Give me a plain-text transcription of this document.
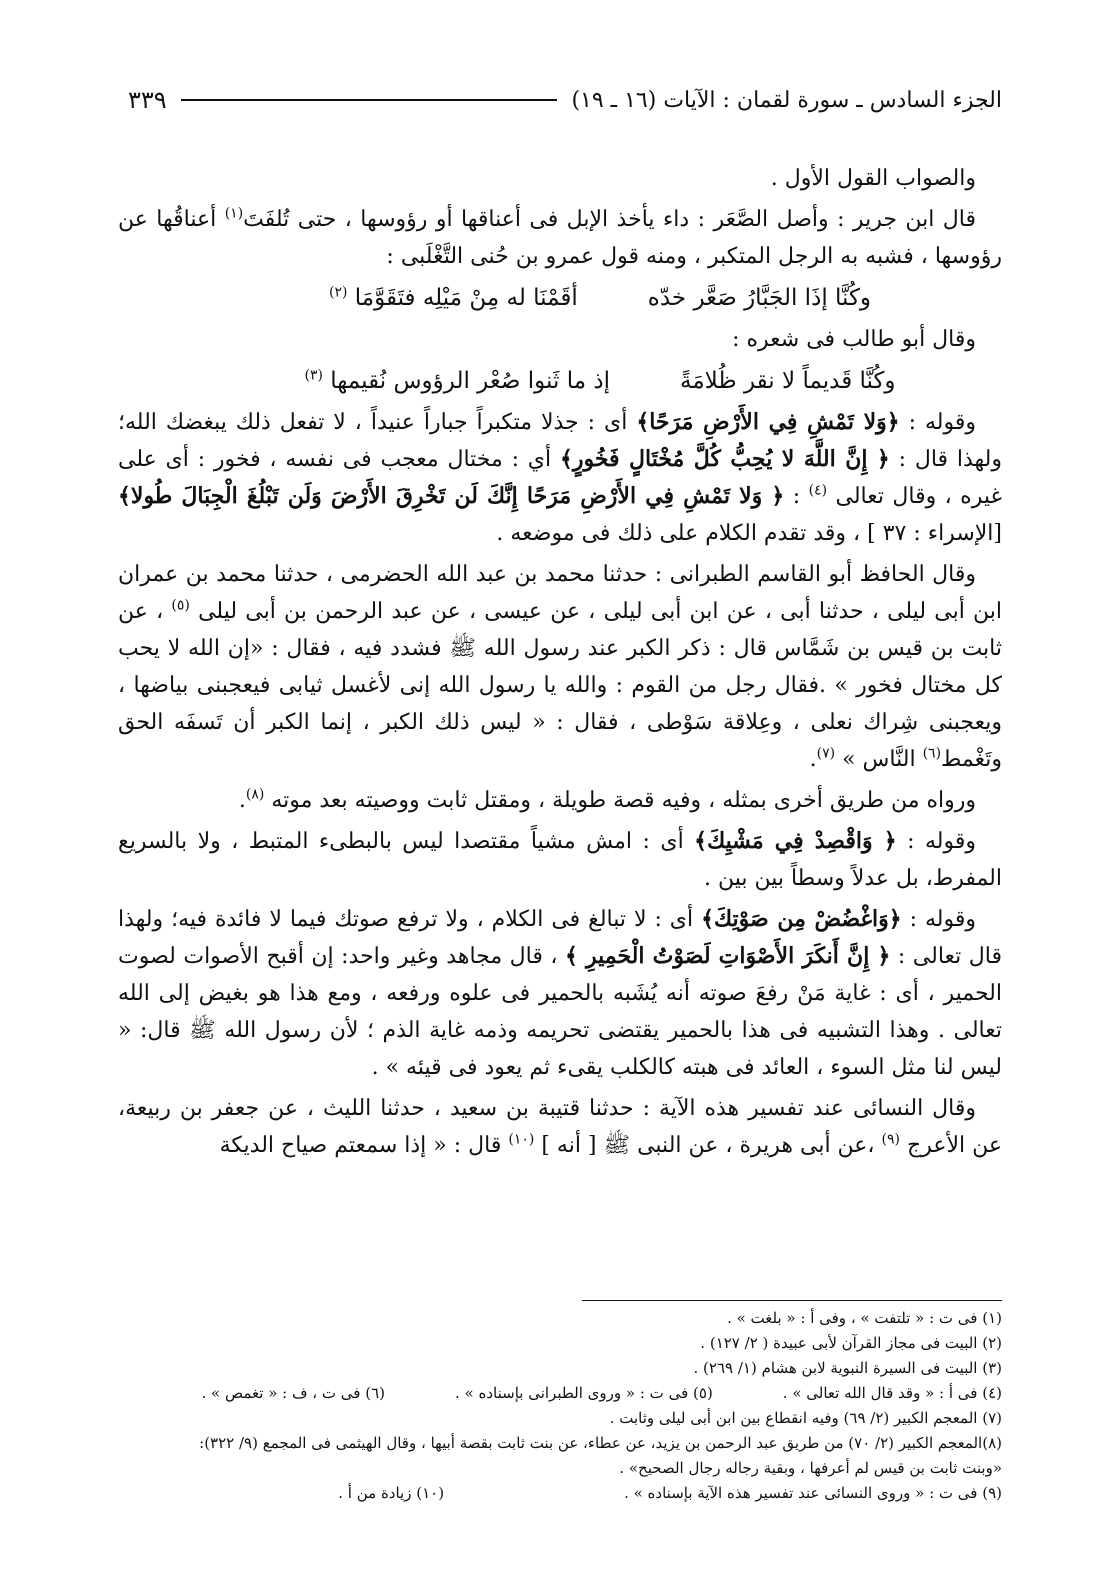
الجزء السادس ـ سورة لقمان : الآيات (١٦ ـ ١٩)
٣٣٩

والصواب القول الأول .

قال ابن جرير : وأصل الصَّعَر : داء يأخذ الإبل فى أعناقها أو رؤوسها ، حتى تُلفَتَ$^{(١)}$ أعناقُها عن رؤوسها ، فشبه به الرجل المتكبر ، ومنه قول عمرو بن حُنى التَّغْلَبى :

وكُنَّا إذَا الجَبَّارُ صَعَّر خدّه
أقَمْنَا له مِنْ مَيْلِه فتَقَوَّمَا $^{(٢)}$

وقال أبو طالب فى شعره :

وكُنَّا قَديماً لا نقر ظُلامَةً
إذ ما ثَنوا صُعْر الرؤوس نُقيمها $^{(٣)}$

وقوله : ﴿وَلا تَمْشِ فِي الأَرْضِ مَرَحًا﴾ أى : جذلا متكبراً جباراً عنيداً ، لا تفعل ذلك يبغضك الله؛ ولهذا قال : ﴿ إِنَّ اللَّهَ لا يُحِبُّ كُلَّ مُخْتَالٍ فَخُورٍ﴾ أي : مختال معجب فى نفسه ، فخور : أى على غيره ، وقال تعالى $^{(٤)}$ : ﴿ وَلا تَمْشِ فِي الأَرْضِ مَرَحًا إِنَّكَ لَن تَخْرِقَ الأَرْضَ وَلَن تَبْلُغَ الْجِبَالَ طُولا﴾ [الإسراء : ٣٧ ] ، وقد تقدم الكلام على ذلك فى موضعه .

وقال الحافظ أبو القاسم الطبرانى : حدثنا محمد بن عبد الله الحضرمى ، حدثنا محمد بن عمران ابن أبى ليلى ، حدثنا أبى ، عن ابن أبى ليلى ، عن عيسى ، عن عبد الرحمن بن أبى ليلى $^{(٥)}$ ، عن ثابت بن قيس بن شَمَّاس قال : ذكر الكبر عند رسول الله ﷺ فشدد فيه ، فقال : «إن الله لا يحب كل مختال فخور » .فقال رجل من القوم : والله يا رسول الله إنى لأغسل ثيابى فيعجبنى بياضها ، ويعجبنى شِراك نعلى ، وعِلاقة سَوْطى ، فقال : « ليس ذلك الكبر ، إنما الكبر أن تَسفَه الحق وتَغْمط$^{(٦)}$ النَّاس » $^{(٧)}$.

ورواه من طريق أخرى بمثله ، وفيه قصة طويلة ، ومقتل ثابت ووصيته بعد موته $^{(٨)}$.

وقوله : ﴿ وَاقْصِدْ فِي مَشْيِكَ﴾ أى : امش مشياً مقتصدا ليس بالبطىء المتبط ، ولا بالسريع المفرط، بل عدلاً وسطاً بين بين .

وقوله : ﴿وَاغْضُضْ مِن صَوْتِكَ﴾ أى : لا تبالغ فى الكلام ، ولا ترفع صوتك فيما لا فائدة فيه؛ ولهذا قال تعالى : ﴿ إِنَّ أَنكَرَ الأَصْوَاتِ لَصَوْتُ الْحَمِيرِ ﴾ ، قال مجاهد وغير واحد: إن أقبح الأصوات لصوت الحمير ، أى : غاية مَنْ رفعَ صوته أنه يُشَبه بالحمير فى علوه ورفعه ، ومع هذا هو بغيض إلى الله تعالى . وهذا التشبيه فى هذا بالحمير يقتضى تحريمه وذمه غاية الذم ؛ لأن رسول الله ﷺ قال: « ليس لنا مثل السوء ، العائد فى هبته كالكلب يقىء ثم يعود فى قيئه » .

وقال النسائى عند تفسير هذه الآية : حدثنا قتيبة بن سعيد ، حدثنا الليث ، عن جعفر بن ربيعة، عن الأعرج $^{(٩)}$ ،عن أبى هريرة ، عن النبى ﷺ [ أنه ] $^{(١٠)}$ قال : « إذا سمعتم صياح الديكة

(١) فى ت : « تلتفت » ، وفى أ : « بلغت » .

(٢) البيت فى مجاز القرآن لأبى عبيدة ( ٢/ ١٢٧) .

(٣) البيت فى السيرة النبوية لابن هشام (١/ ٢٦٩) .

(٤) فى أ : « وقد قال الله تعالى » .
(٥) فى ت : « وروى الطبرانى بإسناده » .
(٦) فى ت ، ف : « تغمص » .

(٧) المعجم الكبير (٢/ ٦٩) وفيه انقطاع بين ابن أبى ليلى وثابت .

(٨)المعجم الكبير (٢/ ٧٠) من طريق عبد الرحمن بن يزيد، عن عطاء، عن بنت ثابت بقصة أبيها ، وقال الهيثمى فى المجمع (٩/ ٣٢٢):

«وبنت ثابت بن قيس لم أعرفها ، وبقية رجاله رجال الصحيح» .

(٩) فى ت : « وروى النسائى عند تفسير هذه الآية بإسناده » .
(١٠) زيادة من أ .
